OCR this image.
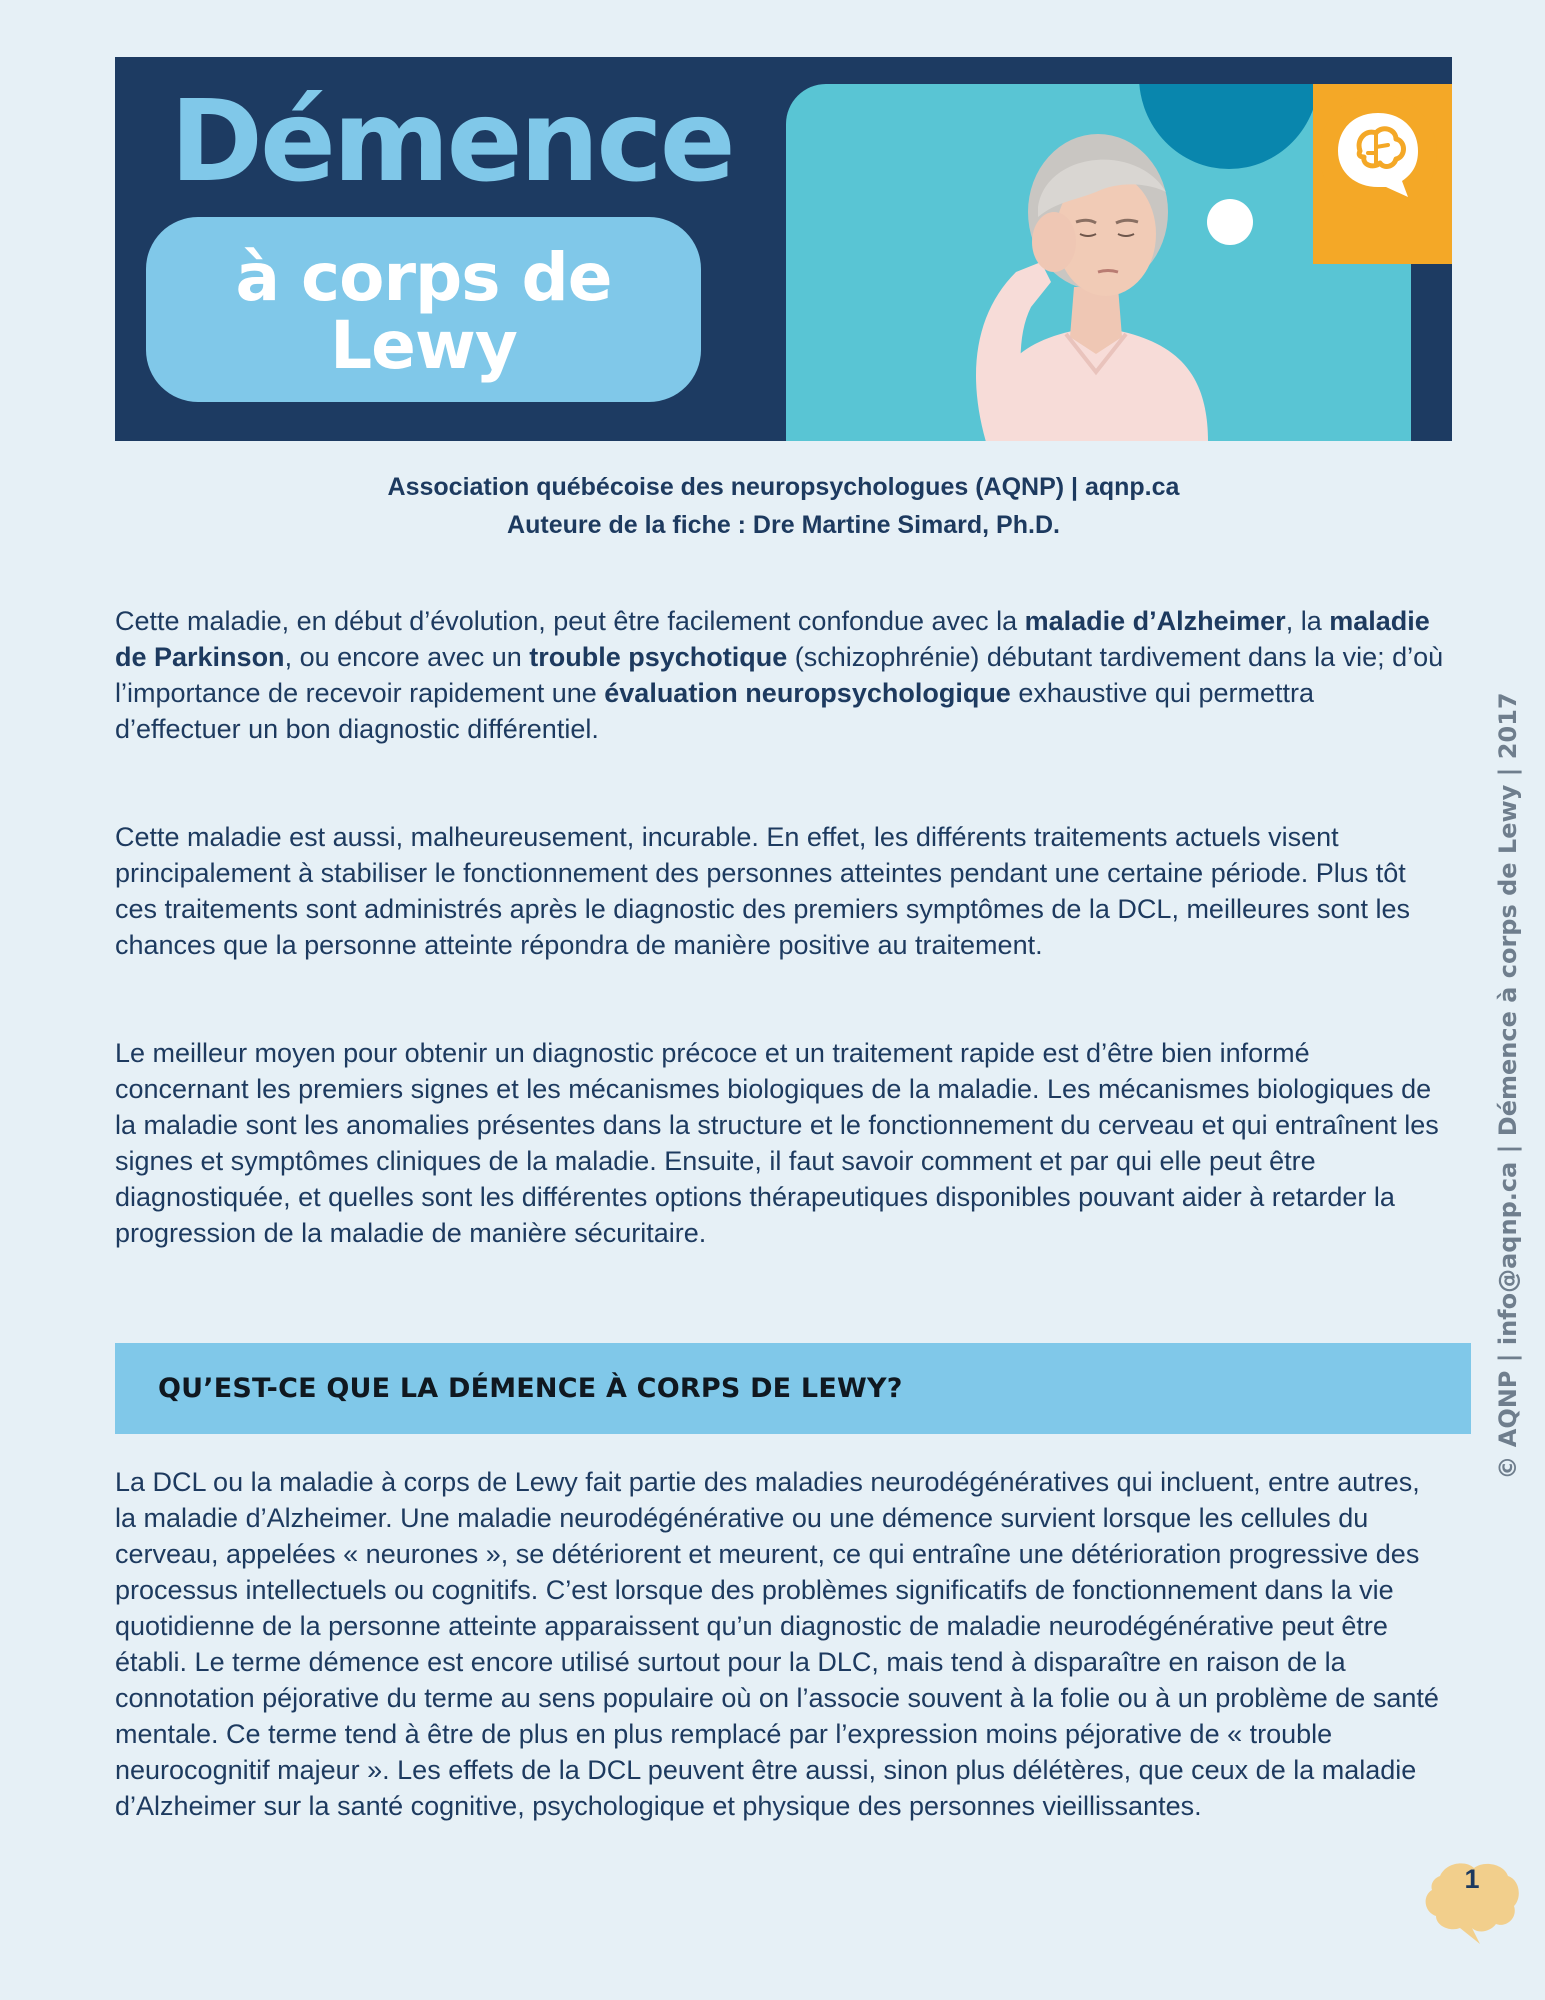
Démence
à corps de Lewy
Association québécoise des neuropsychologues (AQNP) | aqnp.ca
Auteure de la fiche : Dre Martine Simard, Ph.D.

Cette maladie, en début d’évolution, peut être facilement confondue avec la maladie d’Alzheimer, la maladie de Parkinson, ou encore avec un trouble psychotique (schizophrénie) débutant tardivement dans la vie; d’où l’importance de recevoir rapidement une évaluation neuropsychologique exhaustive qui permettra d’effectuer un bon diagnostic différentiel.

Cette maladie est aussi, malheureusement, incurable. En effet, les différents traitements actuels visent principalement à stabiliser le fonctionnement des personnes atteintes pendant une certaine période. Plus tôt ces traitements sont administrés après le diagnostic des premiers symptômes de la DCL, meilleures sont les chances que la personne atteinte répondra de manière positive au traitement.

Le meilleur moyen pour obtenir un diagnostic précoce et un traitement rapide est d’être bien informé concernant les premiers signes et les mécanismes biologiques de la maladie. Les mécanismes biologiques de la maladie sont les anomalies présentes dans la structure et le fonctionnement du cerveau et qui entraînent les signes et symptômes cliniques de la maladie. Ensuite, il faut savoir comment et par qui elle peut être diagnostiquée, et quelles sont les différentes options thérapeutiques disponibles pouvant aider à retarder la progression de la maladie de manière sécuritaire.

QU’EST-CE QUE LA DÉMENCE À CORPS DE LEWY?

La DCL ou la maladie à corps de Lewy fait partie des maladies neurodégénératives qui incluent, entre autres, la maladie d’Alzheimer. Une maladie neurodégénérative ou une démence survient lorsque les cellules du cerveau, appelées « neurones », se détériorent et meurent, ce qui entraîne une détérioration progressive des processus intellectuels ou cognitifs. C’est lorsque des problèmes significatifs de fonctionnement dans la vie quotidienne de la personne atteinte apparaissent qu’un diagnostic de maladie neurodégénérative peut être établi. Le terme démence est encore utilisé surtout pour la DLC, mais tend à disparaître en raison de la connotation péjorative du terme au sens populaire où on l’associe souvent à la folie ou à un problème de santé mentale. Ce terme tend à être de plus en plus remplacé par l’expression moins péjorative de « trouble neurocognitif majeur ». Les effets de la DCL peuvent être aussi, sinon plus délétères, que ceux de la maladie d’Alzheimer sur la santé cognitive, psychologique et physique des personnes vieillissantes.

© AQNP | info@aqnp.ca | Démence à corps de Lewy | 2017
1
